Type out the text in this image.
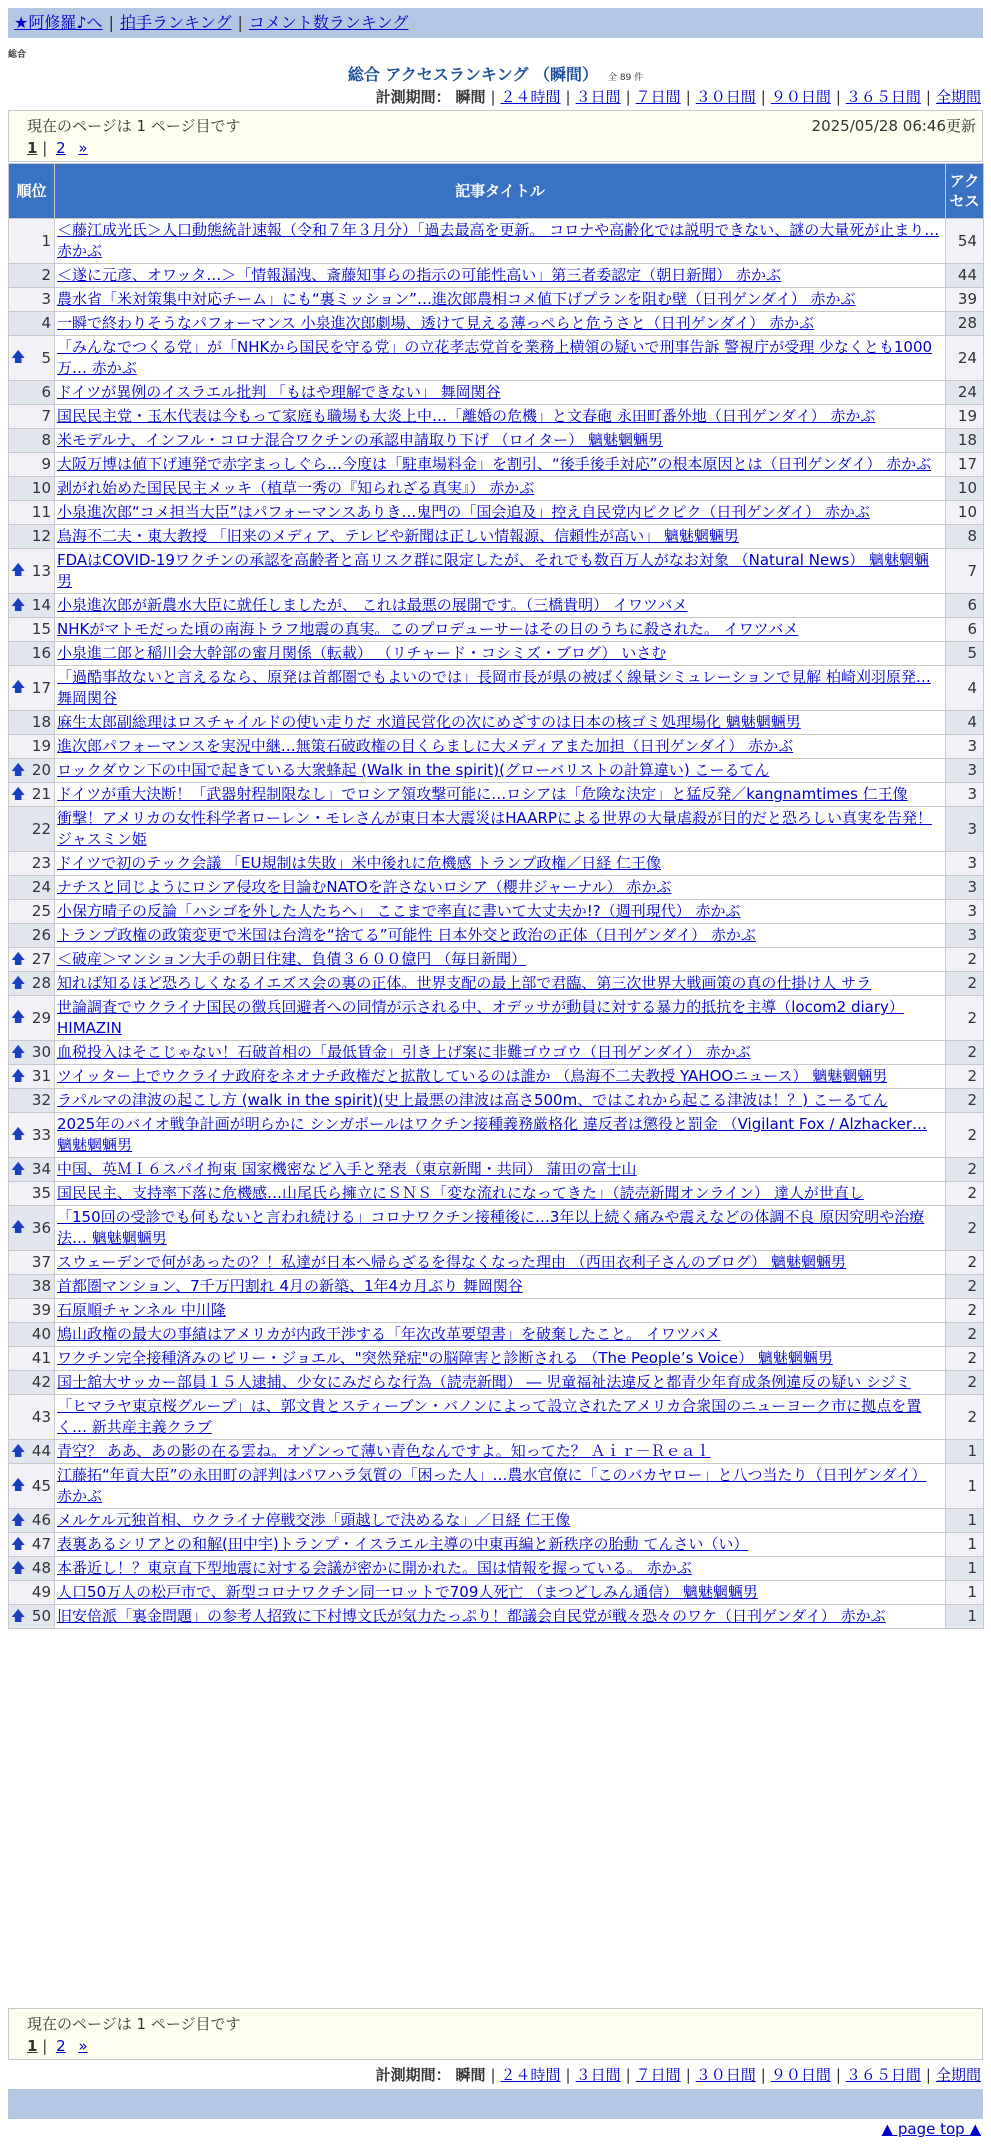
★阿修羅♪へ | 拍手ランキング | コメント数ランキング
総合
総合 アクセスランキング （瞬間） 全 89 件
計測期間： 瞬間 | ２４時間 | ３日間 | ７日間 | ３０日間 | ９０日間 | ３６５日間 | 全期間
現在のページは 1 ページ目です	2025/05/28 06:46更新
1 | 2 »
順位	記事タイトル	アクセス
1	＜藤江成光氏＞人口動態統計速報（令和７年３月分）「過去最高を更新。 コロナや高齢化では説明できない、謎の大量死が止まり… 赤かぶ	54
2	＜遂に元彦、オワッタ…＞「情報漏洩、斎藤知事らの指示の可能性高い」第三者委認定（朝日新聞） 赤かぶ	44
3	農水省「米対策集中対応チーム」にも“裏ミッション”…進次郎農相コメ値下げプランを阻む壁（日刊ゲンダイ） 赤かぶ	39
4	一瞬で終わりそうなパフォーマンス 小泉進次郎劇場、透けて見える薄っぺらと危うさと（日刊ゲンダイ） 赤かぶ	28

🡅 5	「みんなでつくる党」が「NHKから国民を守る党」の立花孝志党首を業務上横領の疑いで刑事告訴 警視庁が受理 少なくとも1000万… 赤かぶ	24
6	ドイツが異例のイスラエル批判 「もはや理解できない」 舞岡関谷	24
7	国民民主党・玉木代表は今もって家庭も職場も大炎上中…「離婚の危機」と文春砲 永田町番外地（日刊ゲンダイ） 赤かぶ	19
8	米モデルナ、インフル・コロナ混合ワクチンの承認申請取り下げ （ロイター） 魑魅魍魎男	18
9	大阪万博は値下げ連発で赤字まっしぐら…今度は「駐車場料金」を割引、“後手後手対応”の根本原因とは（日刊ゲンダイ） 赤かぶ	17
10	剥がれ始めた国民民主メッキ（植草一秀の『知られざる真実』） 赤かぶ	10
11	小泉進次郎“コメ担当大臣”はパフォーマンスありき…鬼門の「国会追及」控え自民党内ピクピク（日刊ゲンダイ） 赤かぶ	10
12	鳥海不二夫・東大教授 「旧来のメディア、テレビや新聞は正しい情報源、信頼性が高い」 魑魅魍魎男	8

🡅 13	FDAはCOVID-19ワクチンの承認を高齢者と高リスク群に限定したが、それでも数百万人がなお対象 （Natural News） 魑魅魍魎男	7

🡅 14	小泉進次郎が新農水大臣に就任しましたが、 これは最悪の展開です。（三橋貴明） イワツバメ	6
15	NHKがマトモだった頃の南海トラフ地震の真実。このプロデューサーはその日のうちに殺された。 イワツバメ	6
16	小泉進二郎と稲川会大幹部の蜜月関係（転載） （リチャード・コシミズ・ブログ） いさむ	5

🡅 17	「過酷事故ないと言えるなら、原発は首都圏でもよいのでは」長岡市長が県の被ばく線量シミュレーションで見解 柏崎刈羽原発… 舞岡関谷	4
18	麻生太郎副総理はロスチャイルドの使い走りだ 水道民営化の次にめざすのは日本の核ゴミ処理場化 魑魅魍魎男	4
19	進次郎パフォーマンスを実況中継…無策石破政権の目くらましに大メディアまた加担（日刊ゲンダイ） 赤かぶ	3

🡅 20	ロックダウン下の中国で起きている大衆蜂起 (Walk in the spirit)(グローバリストの計算違い) こーるてん	3

🡅 21	ドイツが重大決断！「武器射程制限なし」でロシア領攻撃可能に…ロシアは「危険な決定」と猛反発／kangnamtimes 仁王像	3
22	衝撃！アメリカの女性科学者ローレン・モレさんが東日本大震災はHAARPによる世界の大量虐殺が目的だと恐ろしい真実を告発！ ジャスミン姫	3
23	ドイツで初のテック会議 「EU規制は失敗」米中後れに危機感 トランプ政権／日経 仁王像	3
24	ナチスと同じようにロシア侵攻を目論むNATOを許さないロシア（櫻井ジャーナル） 赤かぶ	3
25	小保方晴子の反論「ハシゴを外した人たちへ」 ここまで率直に書いて大丈夫か!?（週刊現代） 赤かぶ	3
26	トランプ政権の政策変更で米国は台湾を“捨てる”可能性 日本外交と政治の正体（日刊ゲンダイ） 赤かぶ	3

🡅 27	＜破産＞マンション大手の朝日住建、負債３６００億円 （毎日新聞）	2

🡅 28	知れば知るほど恐ろしくなるイエズス会の裏の正体。世界支配の最上部で君臨、第三次世界大戦画策の真の仕掛け人 サラ	2

🡅 29	世論調査でウクライナ国民の徴兵回避者への同情が示される中、オデッサが動員に対する暴力的抵抗を主導（locom2 diary） HIMAZIN	2

🡅 30	血税投入はそこじゃない！石破首相の「最低賃金」引き上げ案に非難ゴウゴウ（日刊ゲンダイ） 赤かぶ	2

🡅 31	ツイッター上でウクライナ政府をネオナチ政権だと拡散しているのは誰か （鳥海不二夫教授 YAHOOニュース） 魑魅魍魎男	2
32	ラパルマの津波の起こし方 (walk in the spirit)(史上最悪の津波は高さ500m、ではこれから起こる津波は！？) こーるてん	2

🡅 33	2025年のバイオ戦争計画が明らかに シンガポールはワクチン接種義務厳格化 違反者は懲役と罰金 （Vigilant Fox / Alzhacker… 魑魅魍魎男	2

🡅 34	中国、英ＭＩ６スパイ拘束 国家機密など入手と発表（東京新聞・共同） 蒲田の富士山	2
35	国民民主、支持率下落に危機感…山尾氏ら擁立にＳＮＳ「変な流れになってきた」（読売新聞オンライン） 達人が世直し	2

🡅 36	「150回の受診でも何もないと言われ続ける」コロナワクチン接種後に…3年以上続く痛みや震えなどの体調不良 原因究明や治療法… 魑魅魍魎男	2
37	スウェーデンで何があったの？！私達が日本へ帰らざるを得なくなった理由 （西田衣利子さんのブログ） 魑魅魍魎男	2
38	首都圏マンション、7千万円割れ 4月の新築、1年4カ月ぶり 舞岡関谷	2
39	石原順チャンネル 中川隆	2
40	鳩山政権の最大の事績はアメリカが内政干渉する「年次改革要望書」を破棄したこと。 イワツバメ	2
41	ワクチン完全接種済みのビリー・ジョエル、"突然発症"の脳障害と診断される （The People’s Voice） 魑魅魍魎男	2
42	国士舘大サッカー部員１５人逮捕、少女にみだらな行為（読売新聞） ― 児童福祉法違反と都青少年育成条例違反の疑い シジミ	2
43	「ヒマラヤ東京桜グループ」は、郭文貴とスティーブン・バノンによって設立されたアメリカ合衆国のニューヨーク市に拠点を置く… 新共産主義クラブ	2

🡅 44	青空？ ああ、あの影の在る雲ね。オゾンって薄い青色なんですよ。知ってた？ Ａｉｒ－Ｒｅａｌ	1

🡅 45	江藤拓“年貢大臣”の永田町の評判はパワハラ気質の「困った人」…農水官僚に「このバカヤロー」と八つ当たり（日刊ゲンダイ） 赤かぶ	1

🡅 46	メルケル元独首相、ウクライナ停戦交渉「頭越しで決めるな」／日経 仁王像	1

🡅 47	表裏あるシリアとの和解(田中宇)トランプ・イスラエル主導の中東再編と新秩序の胎動 てんさい（い）	1

🡅 48	本番近し！？東京直下型地震に対する会議が密かに開かれた。国は情報を握っている。 赤かぶ	1
49	人口50万人の松戸市で、新型コロナワクチン同一ロットで709人死亡 （まつどしみん通信） 魑魅魍魎男	1

🡅 50	旧安倍派「裏金問題」の参考人招致に下村博文氏が気力たっぷり！都議会自民党が戦々恐々のワケ（日刊ゲンダイ） 赤かぶ	1
現在のページは 1 ページ目です
1 | 2 »
計測期間： 瞬間 | ２４時間 | ３日間 | ７日間 | ３０日間 | ９０日間 | ３６５日間 | 全期間
▲ page top ▲
